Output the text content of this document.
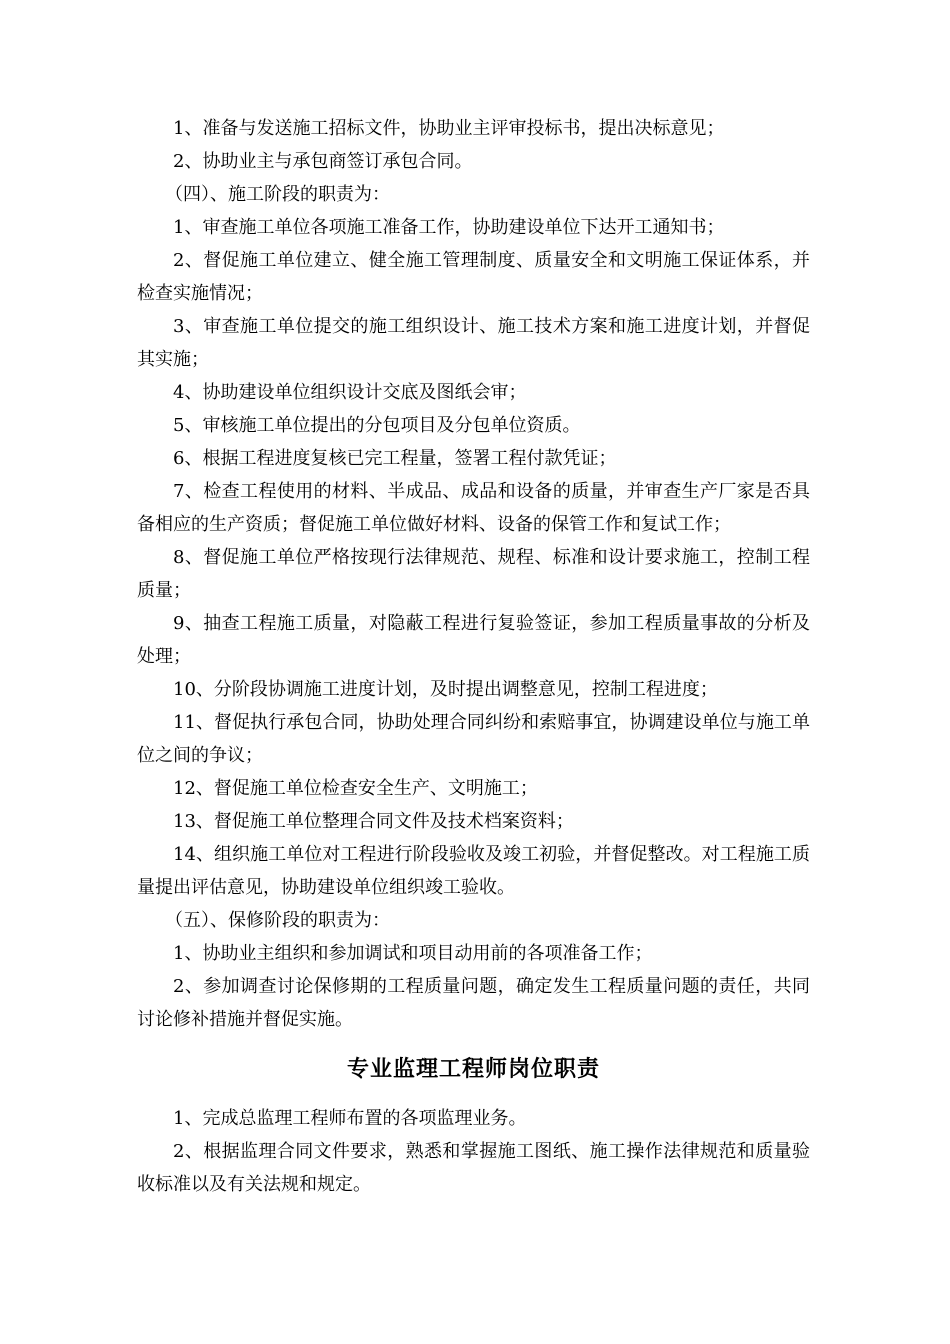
1、准备与发送施工招标文件，协助业主评审投标书，提出决标意见；

2、协助业主与承包商签订承包合同。

（四）、施工阶段的职责为：

1、审查施工单位各项施工准备工作，协助建设单位下达开工通知书；

2、督促施工单位建立、健全施工管理制度、质量安全和文明施工保证体系，并检查实施情况；

3、审查施工单位提交的施工组织设计、施工技术方案和施工进度计划，并督促其实施；

4、协助建设单位组织设计交底及图纸会审；

5、审核施工单位提出的分包项目及分包单位资质。

6、根据工程进度复核已完工程量，签署工程付款凭证；

7、检查工程使用的材料、半成品、成品和设备的质量，并审查生产厂家是否具备相应的生产资质；督促施工单位做好材料、设备的保管工作和复试工作；

8、督促施工单位严格按现行法律规范、规程、标准和设计要求施工，控制工程质量；

9、抽查工程施工质量，对隐蔽工程进行复验签证，参加工程质量事故的分析及处理；

10、分阶段协调施工进度计划，及时提出调整意见，控制工程进度；

11、督促执行承包合同，协助处理合同纠纷和索赔事宜，协调建设单位与施工单位之间的争议；

12、督促施工单位检查安全生产、文明施工；

13、督促施工单位整理合同文件及技术档案资料；

14、组织施工单位对工程进行阶段验收及竣工初验，并督促整改。对工程施工质量提出评估意见，协助建设单位组织竣工验收。

（五）、保修阶段的职责为：

1、协助业主组织和参加调试和项目动用前的各项准备工作；

2、参加调查讨论保修期的工程质量问题，确定发生工程质量问题的责任，共同讨论修补措施并督促实施。

专业监理工程师岗位职责

1、完成总监理工程师布置的各项监理业务。

2、根据监理合同文件要求，熟悉和掌握施工图纸、施工操作法律规范和质量验收标准以及有关法规和规定。
